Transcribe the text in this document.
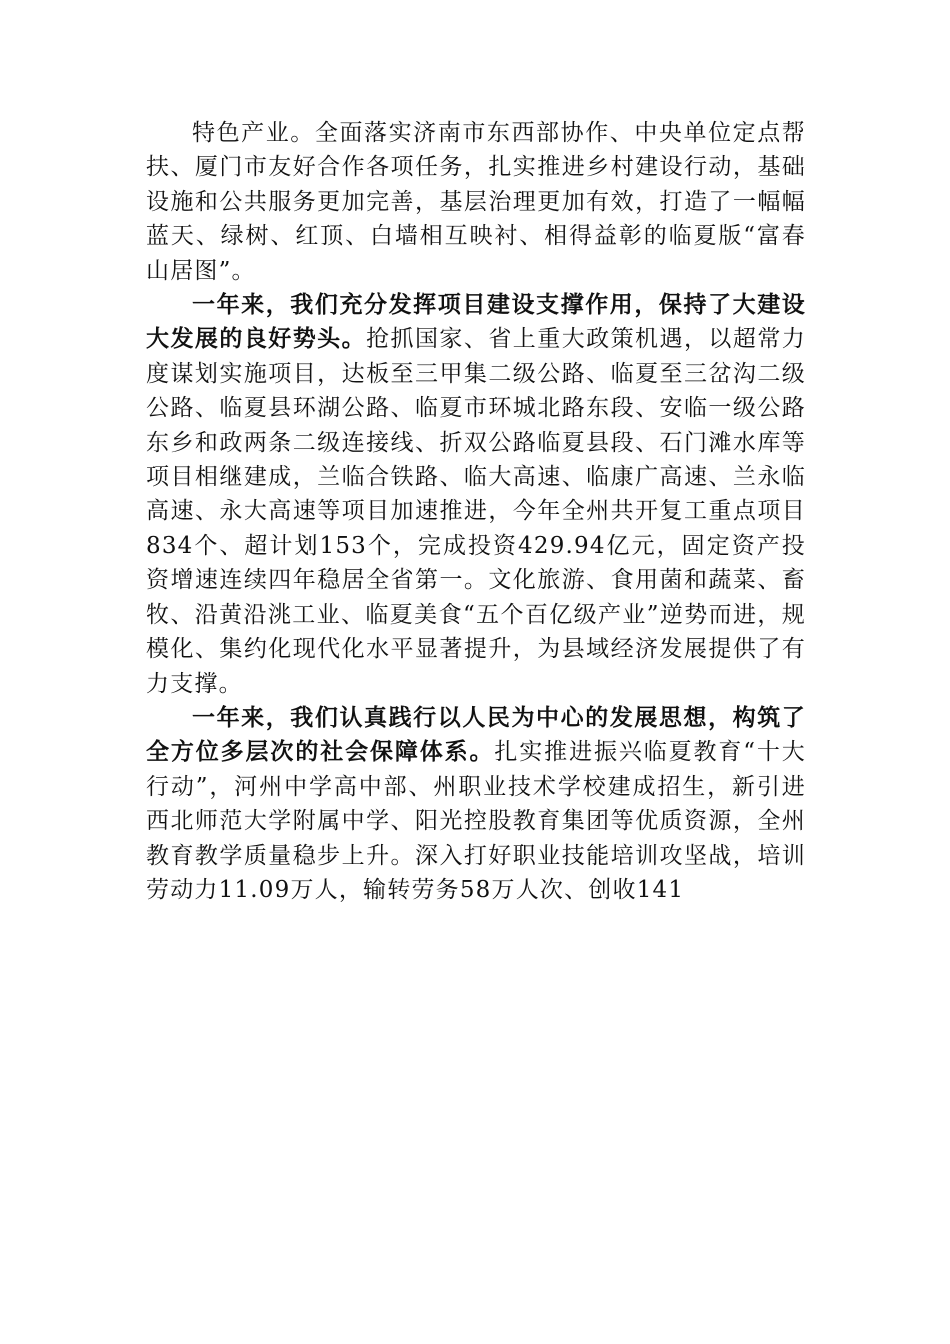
特色产业。全面落实济南市东西部协作、中央单位定点帮扶、厦门市友好合作各项任务，扎实推进乡村建设行动，基础设施和公共服务更加完善，基层治理更加有效，打造了一幅幅蓝天、绿树、红顶、白墙相互映衬、相得益彰的临夏版“富春山居图”。

一年来，我们充分发挥项目建设支撑作用，保持了大建设大发展的良好势头。抢抓国家、省上重大政策机遇，以超常力度谋划实施项目，达板至三甲集二级公路、临夏至三岔沟二级公路、临夏县环湖公路、临夏市环城北路东段、安临一级公路东乡和政两条二级连接线、折双公路临夏县段、石门滩水库等项目相继建成，兰临合铁路、临大高速、临康广高速、兰永临高速、永大高速等项目加速推进，今年全州共开复工重点项目834个、超计划153个，完成投资429.94亿元，固定资产投资增速连续四年稳居全省第一。文化旅游、食用菌和蔬菜、畜牧、沿黄沿洮工业、临夏美食“五个百亿级产业”逆势而进，规模化、集约化现代化水平显著提升，为县域经济发展提供了有力支撑。

一年来，我们认真践行以人民为中心的发展思想，构筑了全方位多层次的社会保障体系。扎实推进振兴临夏教育“十大行动”，河州中学高中部、州职业技术学校建成招生，新引进西北师范大学附属中学、阳光控股教育集团等优质资源，全州教育教学质量稳步上升。深入打好职业技能培训攻坚战，培训劳动力11.09万人，输转劳务58万人次、创收141
